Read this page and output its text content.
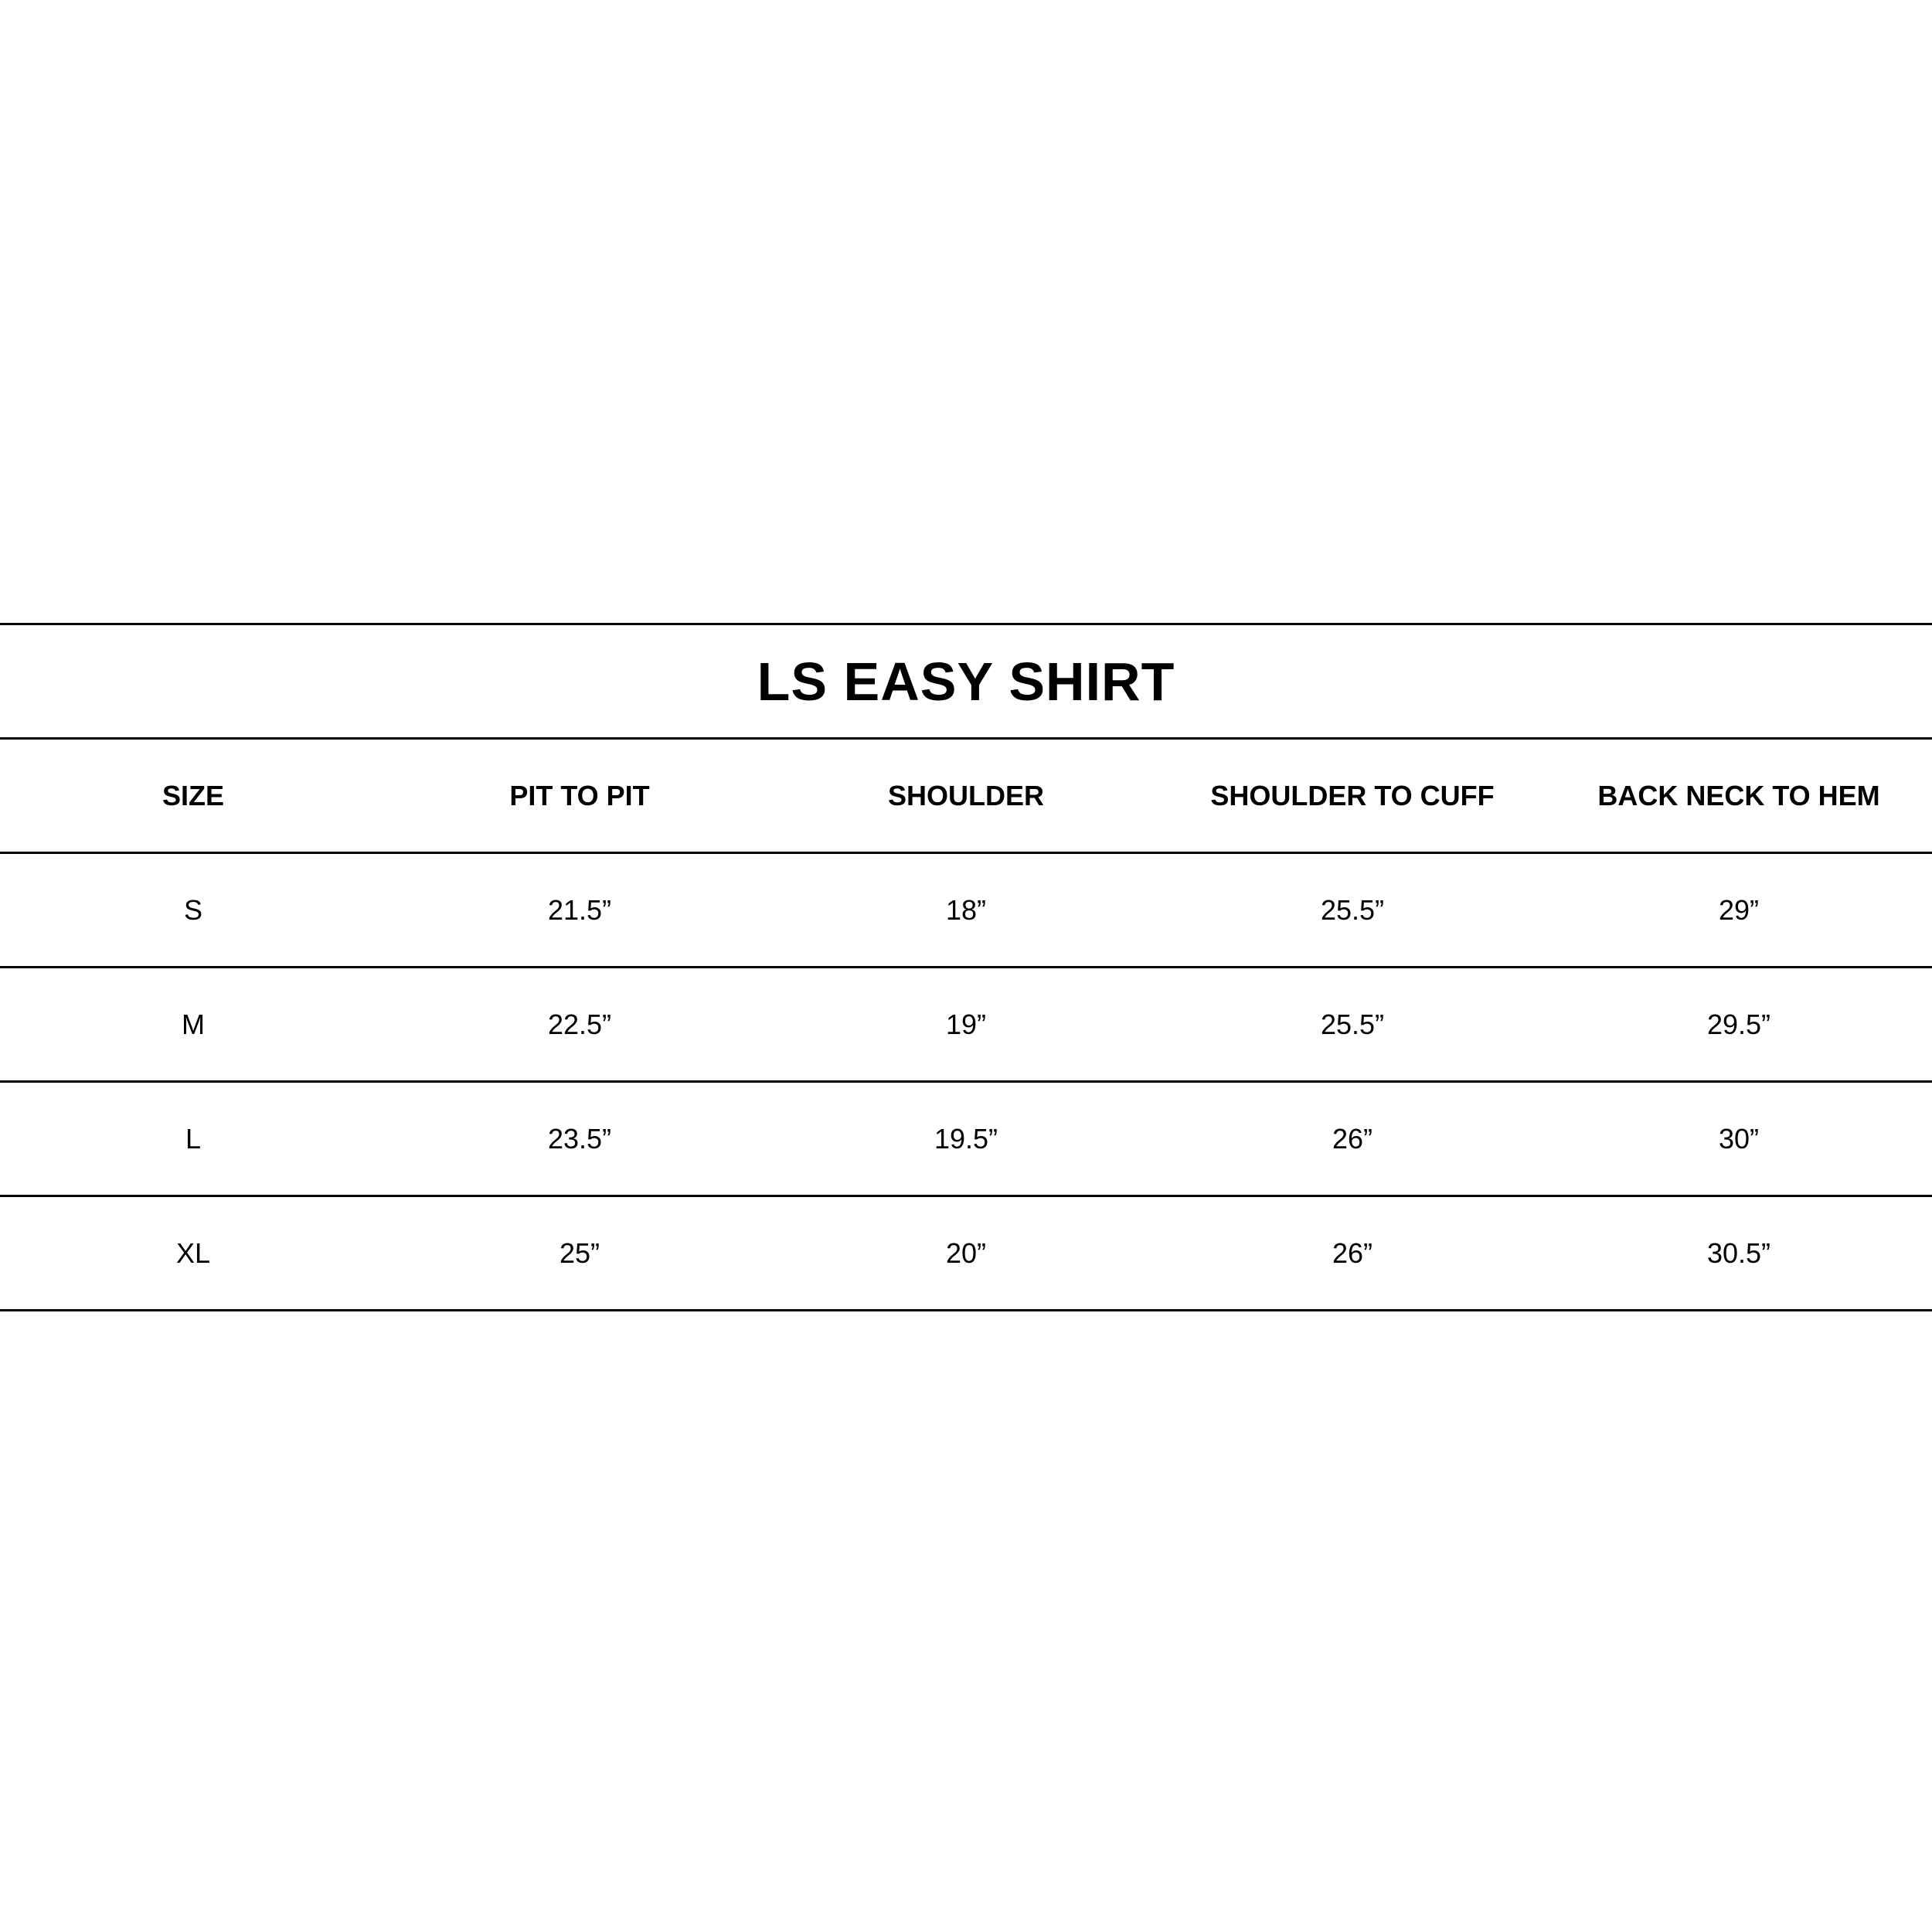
LS EASY SHIRT
SIZE	PIT TO PIT	SHOULDER	SHOULDER TO CUFF	BACK NECK TO HEM
S	21.5”	18”	25.5”	29”
M	22.5”	19”	25.5”	29.5”
L	23.5”	19.5”	26”	30”
XL	25”	20”	26”	30.5”
